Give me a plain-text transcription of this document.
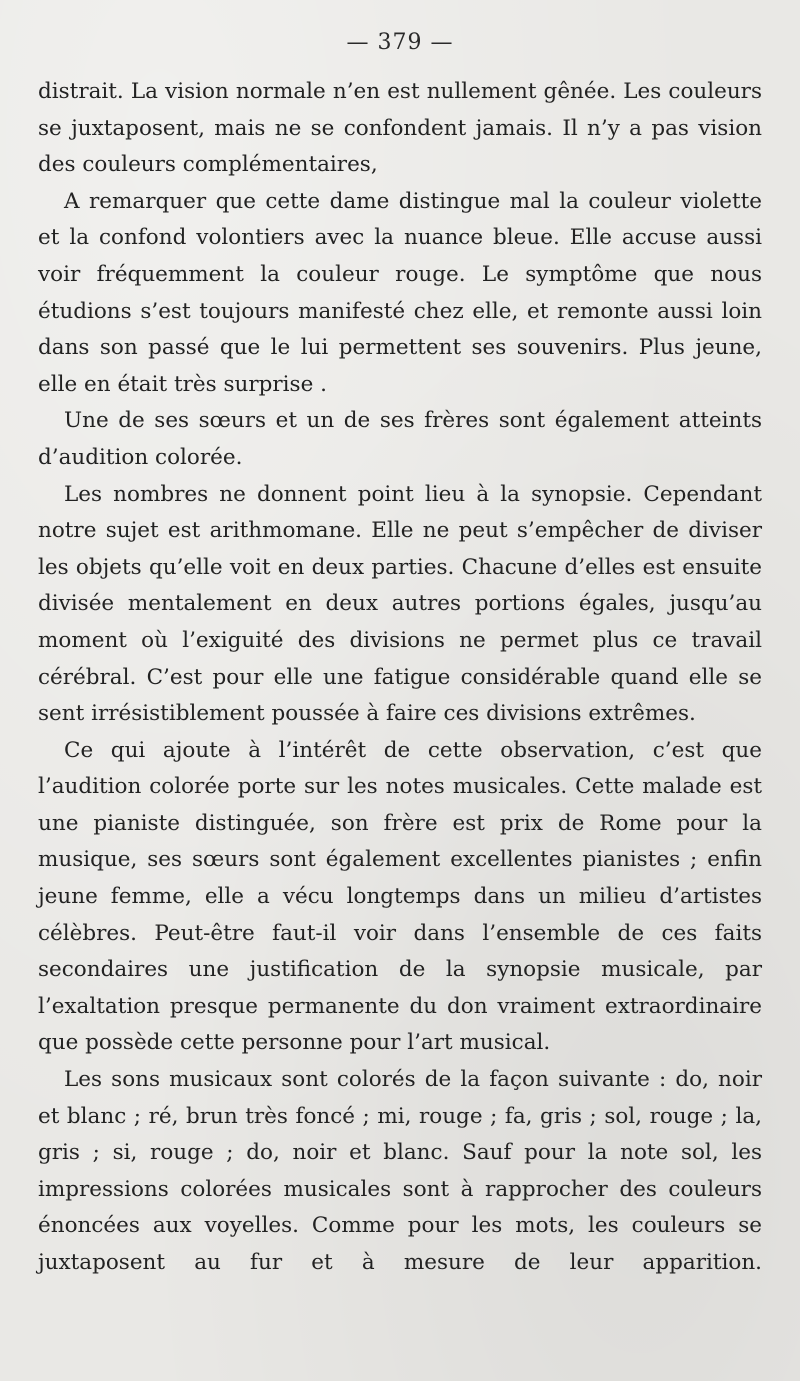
— 379 —

distrait. La vision normale n’en est nullement gênée. Les couleurs se juxtaposent, mais ne se confondent jamais. Il n’y a pas vision des couleurs complémentaires,

A remarquer que cette dame distingue mal la couleur violette et la confond volontiers avec la nuance bleue. Elle accuse aussi voir fréquemment la couleur rouge. Le symptôme que nous étudions s’est toujours manifesté chez elle, et remonte aussi loin dans son passé que le lui permettent ses souvenirs. Plus jeune, elle en était très surprise .

Une de ses sœurs et un de ses frères sont également atteints d’audition colorée.

Les nombres ne donnent point lieu à la synopsie. Cependant notre sujet est arithmomane. Elle ne peut s’empêcher de diviser les objets qu’elle voit en deux parties. Chacune d’elles est ensuite divisée mentalement en deux autres portions égales, jusqu’au moment où l’exiguité des divisions ne permet plus ce travail cérébral. C’est pour elle une fatigue considérable quand elle se sent irrésistiblement poussée à faire ces divisions extrêmes.

Ce qui ajoute à l’intérêt de cette observation, c’est que l’audition colorée porte sur les notes musicales. Cette malade est une pianiste distinguée, son frère est prix de Rome pour la musique, ses sœurs sont également excellentes pianistes ; enfin jeune femme, elle a vécu longtemps dans un milieu d’artistes célèbres. Peut-être faut-il voir dans l’ensemble de ces faits secondaires une justification de la synopsie musicale, par l’exaltation presque permanente du don vraiment extraordinaire que possède cette personne pour l’art musical.

Les sons musicaux sont colorés de la façon suivante : do, noir et blanc ; ré, brun très foncé ; mi, rouge ; fa, gris ; sol, rouge ; la, gris ; si, rouge ; do, noir et blanc. Sauf pour la note sol, les impressions colorées musicales sont à rapprocher des couleurs énoncées aux voyelles. Comme pour les mots, les couleurs se juxtaposent au fur et à mesure de leur apparition.
